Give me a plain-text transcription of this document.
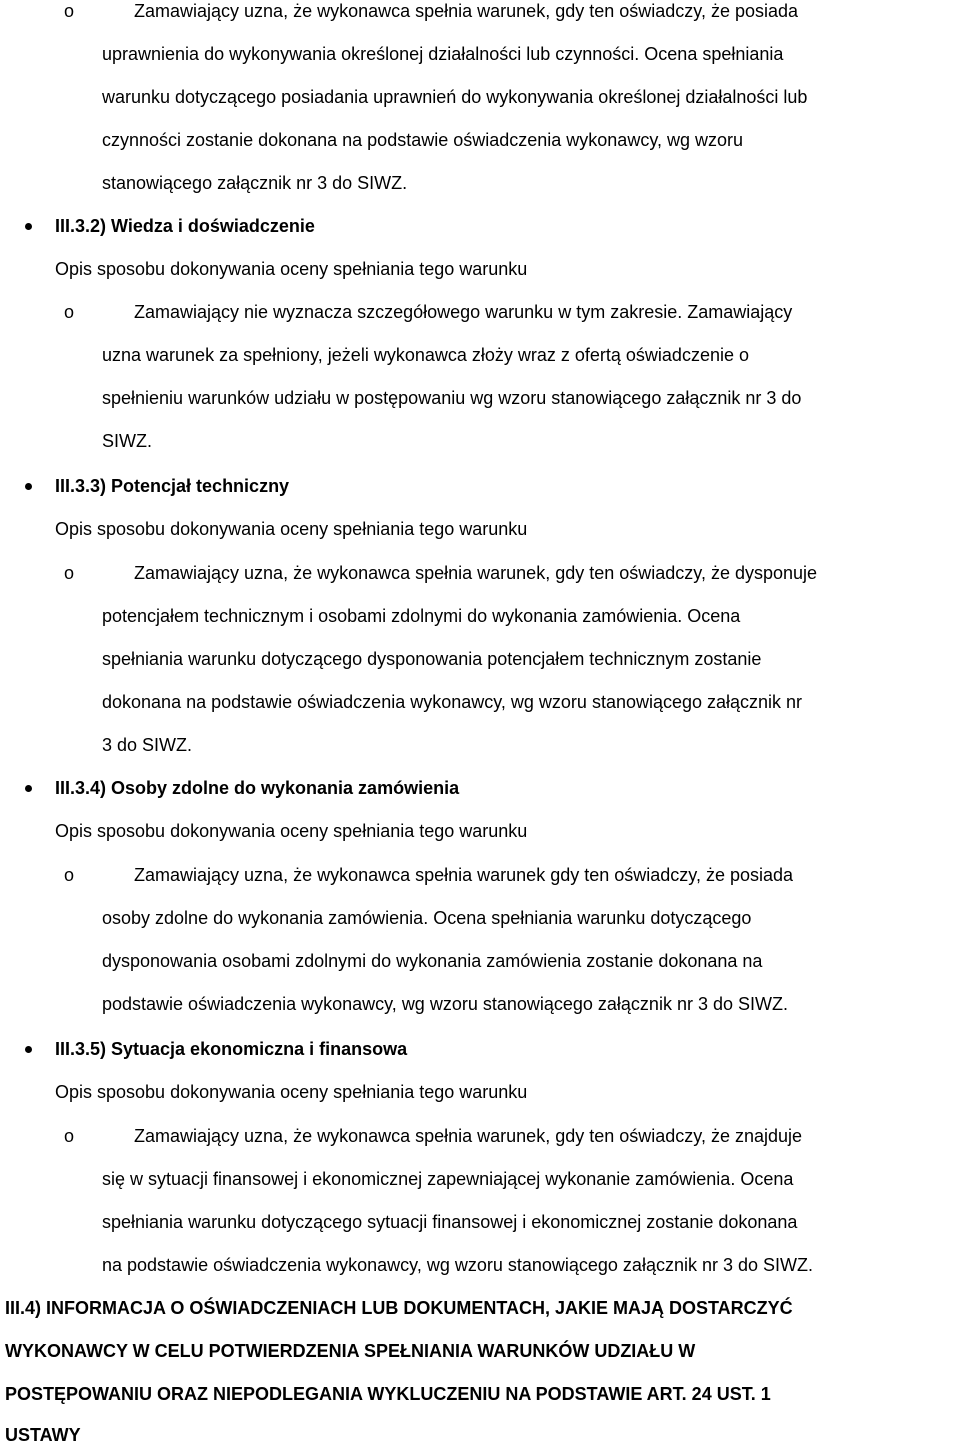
o	Zamawiający uzna, że wykonawca spełnia warunek, gdy ten oświadczy, że posiada
uprawnienia do wykonywania określonej działalności lub czynności. Ocena spełniania
warunku dotyczącego posiadania uprawnień do wykonywania określonej działalności lub
czynności zostanie dokonana na podstawie oświadczenia wykonawcy, wg wzoru
stanowiącego załącznik nr 3 do SIWZ.
III.3.2) Wiedza i doświadczenie
Opis sposobu dokonywania oceny spełniania tego warunku
o	Zamawiający nie wyznacza szczegółowego warunku w tym zakresie. Zamawiający
uzna warunek za spełniony, jeżeli wykonawca złoży wraz z ofertą oświadczenie o
spełnieniu warunków udziału w postępowaniu wg wzoru stanowiącego załącznik nr 3 do
SIWZ.
III.3.3) Potencjał techniczny
Opis sposobu dokonywania oceny spełniania tego warunku
o	Zamawiający uzna, że wykonawca spełnia warunek, gdy ten oświadczy, że dysponuje
potencjałem technicznym i osobami zdolnymi do wykonania zamówienia. Ocena
spełniania warunku dotyczącego dysponowania potencjałem technicznym zostanie
dokonana na podstawie oświadczenia wykonawcy, wg wzoru stanowiącego załącznik nr
3 do SIWZ.
III.3.4) Osoby zdolne do wykonania zamówienia
Opis sposobu dokonywania oceny spełniania tego warunku
o	Zamawiający uzna, że wykonawca spełnia warunek gdy ten oświadczy, że posiada
osoby zdolne do wykonania zamówienia. Ocena spełniania warunku dotyczącego
dysponowania osobami zdolnymi do wykonania zamówienia zostanie dokonana na
podstawie oświadczenia wykonawcy, wg wzoru stanowiącego załącznik nr 3 do SIWZ.
III.3.5) Sytuacja ekonomiczna i finansowa
Opis sposobu dokonywania oceny spełniania tego warunku
o	Zamawiający uzna, że wykonawca spełnia warunek, gdy ten oświadczy, że znajduje
się w sytuacji finansowej i ekonomicznej zapewniającej wykonanie zamówienia. Ocena
spełniania warunku dotyczącego sytuacji finansowej i ekonomicznej zostanie dokonana
na podstawie oświadczenia wykonawcy, wg wzoru stanowiącego załącznik nr 3 do SIWZ.
III.4) INFORMACJA O OŚWIADCZENIACH LUB DOKUMENTACH, JAKIE MAJĄ DOSTARCZYĆ
WYKONAWCY W CELU POTWIERDZENIA SPEŁNIANIA WARUNKÓW UDZIAŁU W
POSTĘPOWANIU ORAZ NIEPODLEGANIA WYKLUCZENIU NA PODSTAWIE ART. 24 UST. 1
USTAWY
